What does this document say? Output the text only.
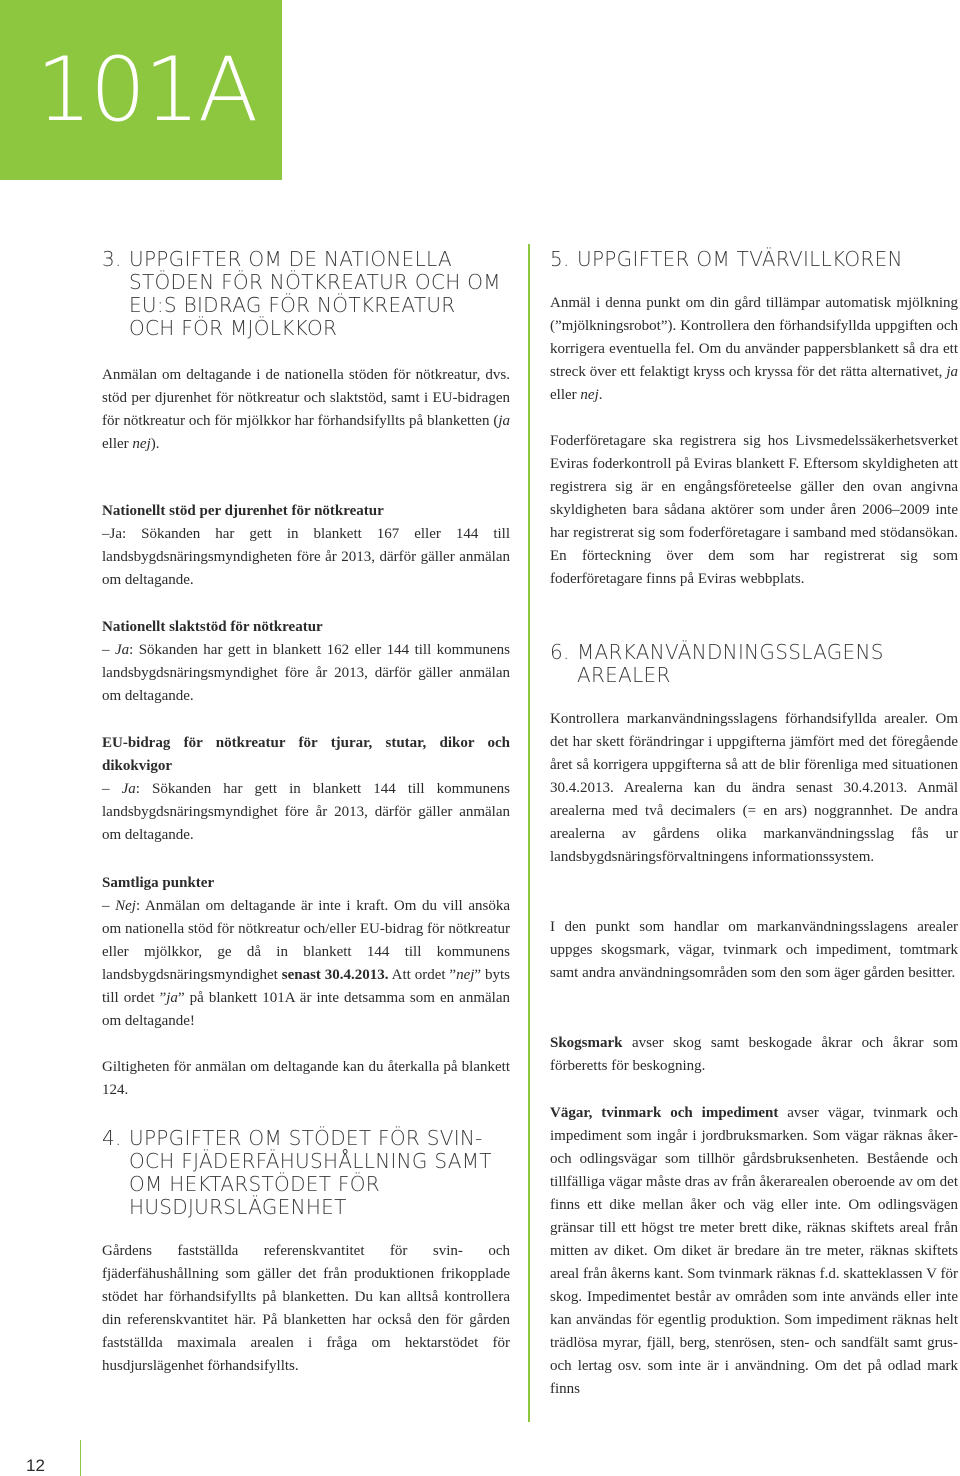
101A
12
3. UPPGIFTER OM DE NATIONELLA STÖDEN FÖR NÖTKREATUR OCH OM EU:S BIDRAG FÖR NÖTKREATUR OCH FÖR MJÖLKKOR

Anmälan om deltagande i de nationella stöden för nötkreatur, dvs. stöd per djurenhet för nötkreatur och slaktstöd, samt i EU-bidragen för nötkreatur och för mjölkkor har förhandsifyllts på blanketten (ja eller nej).

Nationellt stöd per djurenhet för nötkreatur
–Ja: Sökanden har gett in blankett 167 eller 144 till landsbygdsnäringsmyndigheten före år 2013, därför gäller anmälan om deltagande.

Nationellt slaktstöd för nötkreatur
– Ja: Sökanden har gett in blankett 162 eller 144 till kommunens landsbygdsnäringsmyndighet före år 2013, därför gäller anmälan om deltagande.

EU-bidrag för nötkreatur för tjurar, stutar, dikor och dikokvigor
– Ja: Sökanden har gett in blankett 144 till kommunens landsbygdsnäringsmyndighet före år 2013, därför gäller anmälan om deltagande.

Samtliga punkter
– Nej: Anmälan om deltagande är inte i kraft. Om du vill ansöka om nationella stöd för nötkreatur och/eller EU-bidrag för nötkreatur eller mjölkkor, ge då in blankett 144 till kommunens landsbygdsnäringsmyndighet senast 30.4.2013. Att ordet ”nej” byts till ordet ”ja” på blankett 101A är inte detsamma som en anmälan om deltagande!

Giltigheten för anmälan om deltagande kan du återkalla på blankett 124.

4. UPPGIFTER OM STÖDET FÖR SVIN- OCH FJÄDERFÄHUSHÅLLNING SAMT OM HEKTARSTÖDET FÖR HUSDJURSLÄGENHET

Gårdens fastställda referenskvantitet för svin- och fjäderfähushållning som gäller det från produktionen frikopplade stödet har förhandsifyllts på blanketten. Du kan alltså kontrollera din referenskvantitet här. På blanketten har också den för gården fastställda maximala arealen i fråga om hektarstödet för husdjurslägenhet förhandsifyllts.

5. UPPGIFTER OM TVÄRVILLKOREN

Anmäl i denna punkt om din gård tillämpar automatisk mjölkning (”mjölkningsrobot”). Kontrollera den förhandsifyllda uppgiften och korrigera eventuella fel. Om du använder pappersblankett så dra ett streck över ett felaktigt kryss och kryssa för det rätta alternativet, ja eller nej.

Foderföretagare ska registrera sig hos Livsmedelssäkerhetsverket Eviras foderkontroll på Eviras blankett F. Eftersom skyldigheten att registrera sig är en engångsföreteelse gäller den ovan angivna skyldigheten bara sådana aktörer som under åren 2006–2009 inte har registrerat sig som foderföretagare i samband med stödansökan. En förteckning över dem som har registrerat sig som foderföretagare finns på Eviras webbplats.

6. MARKANVÄNDNINGSSLAGENS AREALER

Kontrollera markanvändningsslagens förhandsifyllda arealer. Om det har skett förändringar i uppgifterna jämfört med det föregående året så korrigera uppgifterna så att de blir förenliga med situationen 30.4.2013. Arealerna kan du ändra senast 30.4.2013. Anmäl arealerna med två decimalers (= en ars) noggrannhet. De andra arealerna av gårdens olika markanvändningsslag fås ur landsbygdsnäringsförvaltningens informationssystem.

I den punkt som handlar om markanvändningsslagens arealer uppges skogsmark, vägar, tvinmark och impediment, tomtmark samt andra användningsområden som den som äger gården besitter.

Skogsmark avser skog samt beskogade åkrar och åkrar som förberetts för beskogning.

Vägar, tvinmark och impediment avser vägar, tvinmark och impediment som ingår i jordbruksmarken. Som vägar räknas åker- och odlingsvägar som tillhör gårdsbruksenheten. Bestående och tillfälliga vägar måste dras av från åkerarealen oberoende av om det finns ett dike mellan åker och väg eller inte. Om odlingsvägen gränsar till ett högst tre meter brett dike, räknas skiftets areal från mitten av diket. Om diket är bredare än tre meter, räknas skiftets areal från åkerns kant. Som tvinmark räknas f.d. skatteklassen V för skog. Impedimentet består av områden som inte används eller inte kan användas för egentlig produktion. Som impediment räknas helt trädlösa myrar, fjäll, berg, stenrösen, sten- och sandfält samt grus- och lertag osv. som inte är i användning. Om det på odlad mark finns
